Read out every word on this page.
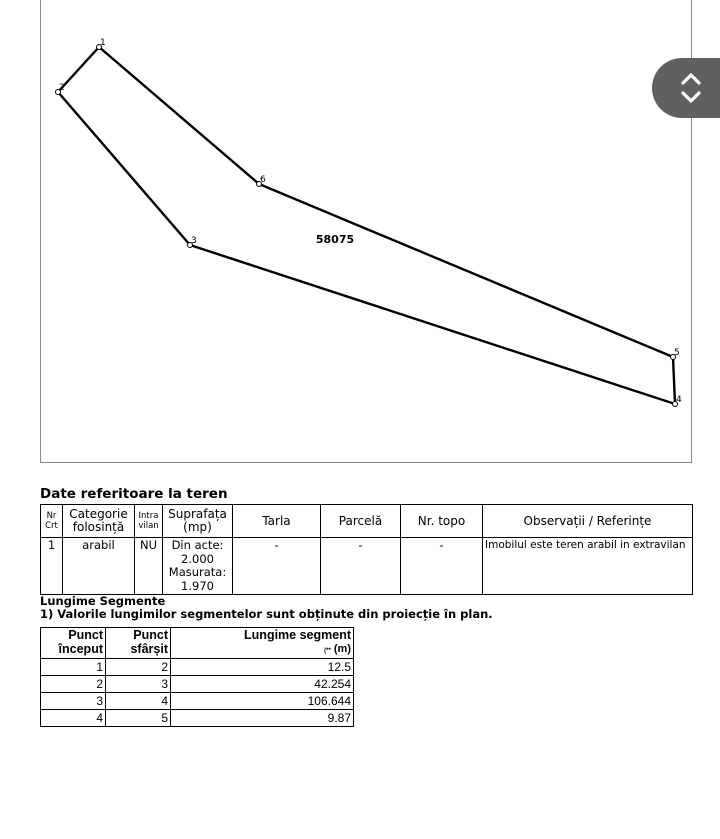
1
2
3
4
5
6
58075
Date referitoare la teren
Nr Crt	Categorie folosință	Intra vilan	Suprafața (mp)	Tarla	Parcelă	Nr. topo	Observații / Referințe
1	arabil	NU	Din acte:
2.000
Masurata:
1.970	-	-	-	Imobilul este teren arabil in extravilan
Lungime Segmente
1) Valorile lungimilor segmentelor sunt obținute din proiecție în plan.
Punct început	Punct sfârșit	Lungime segment
(** (m)

1	2	12.5
2	3	42.254
3	4	106.644
4	5	9.87
